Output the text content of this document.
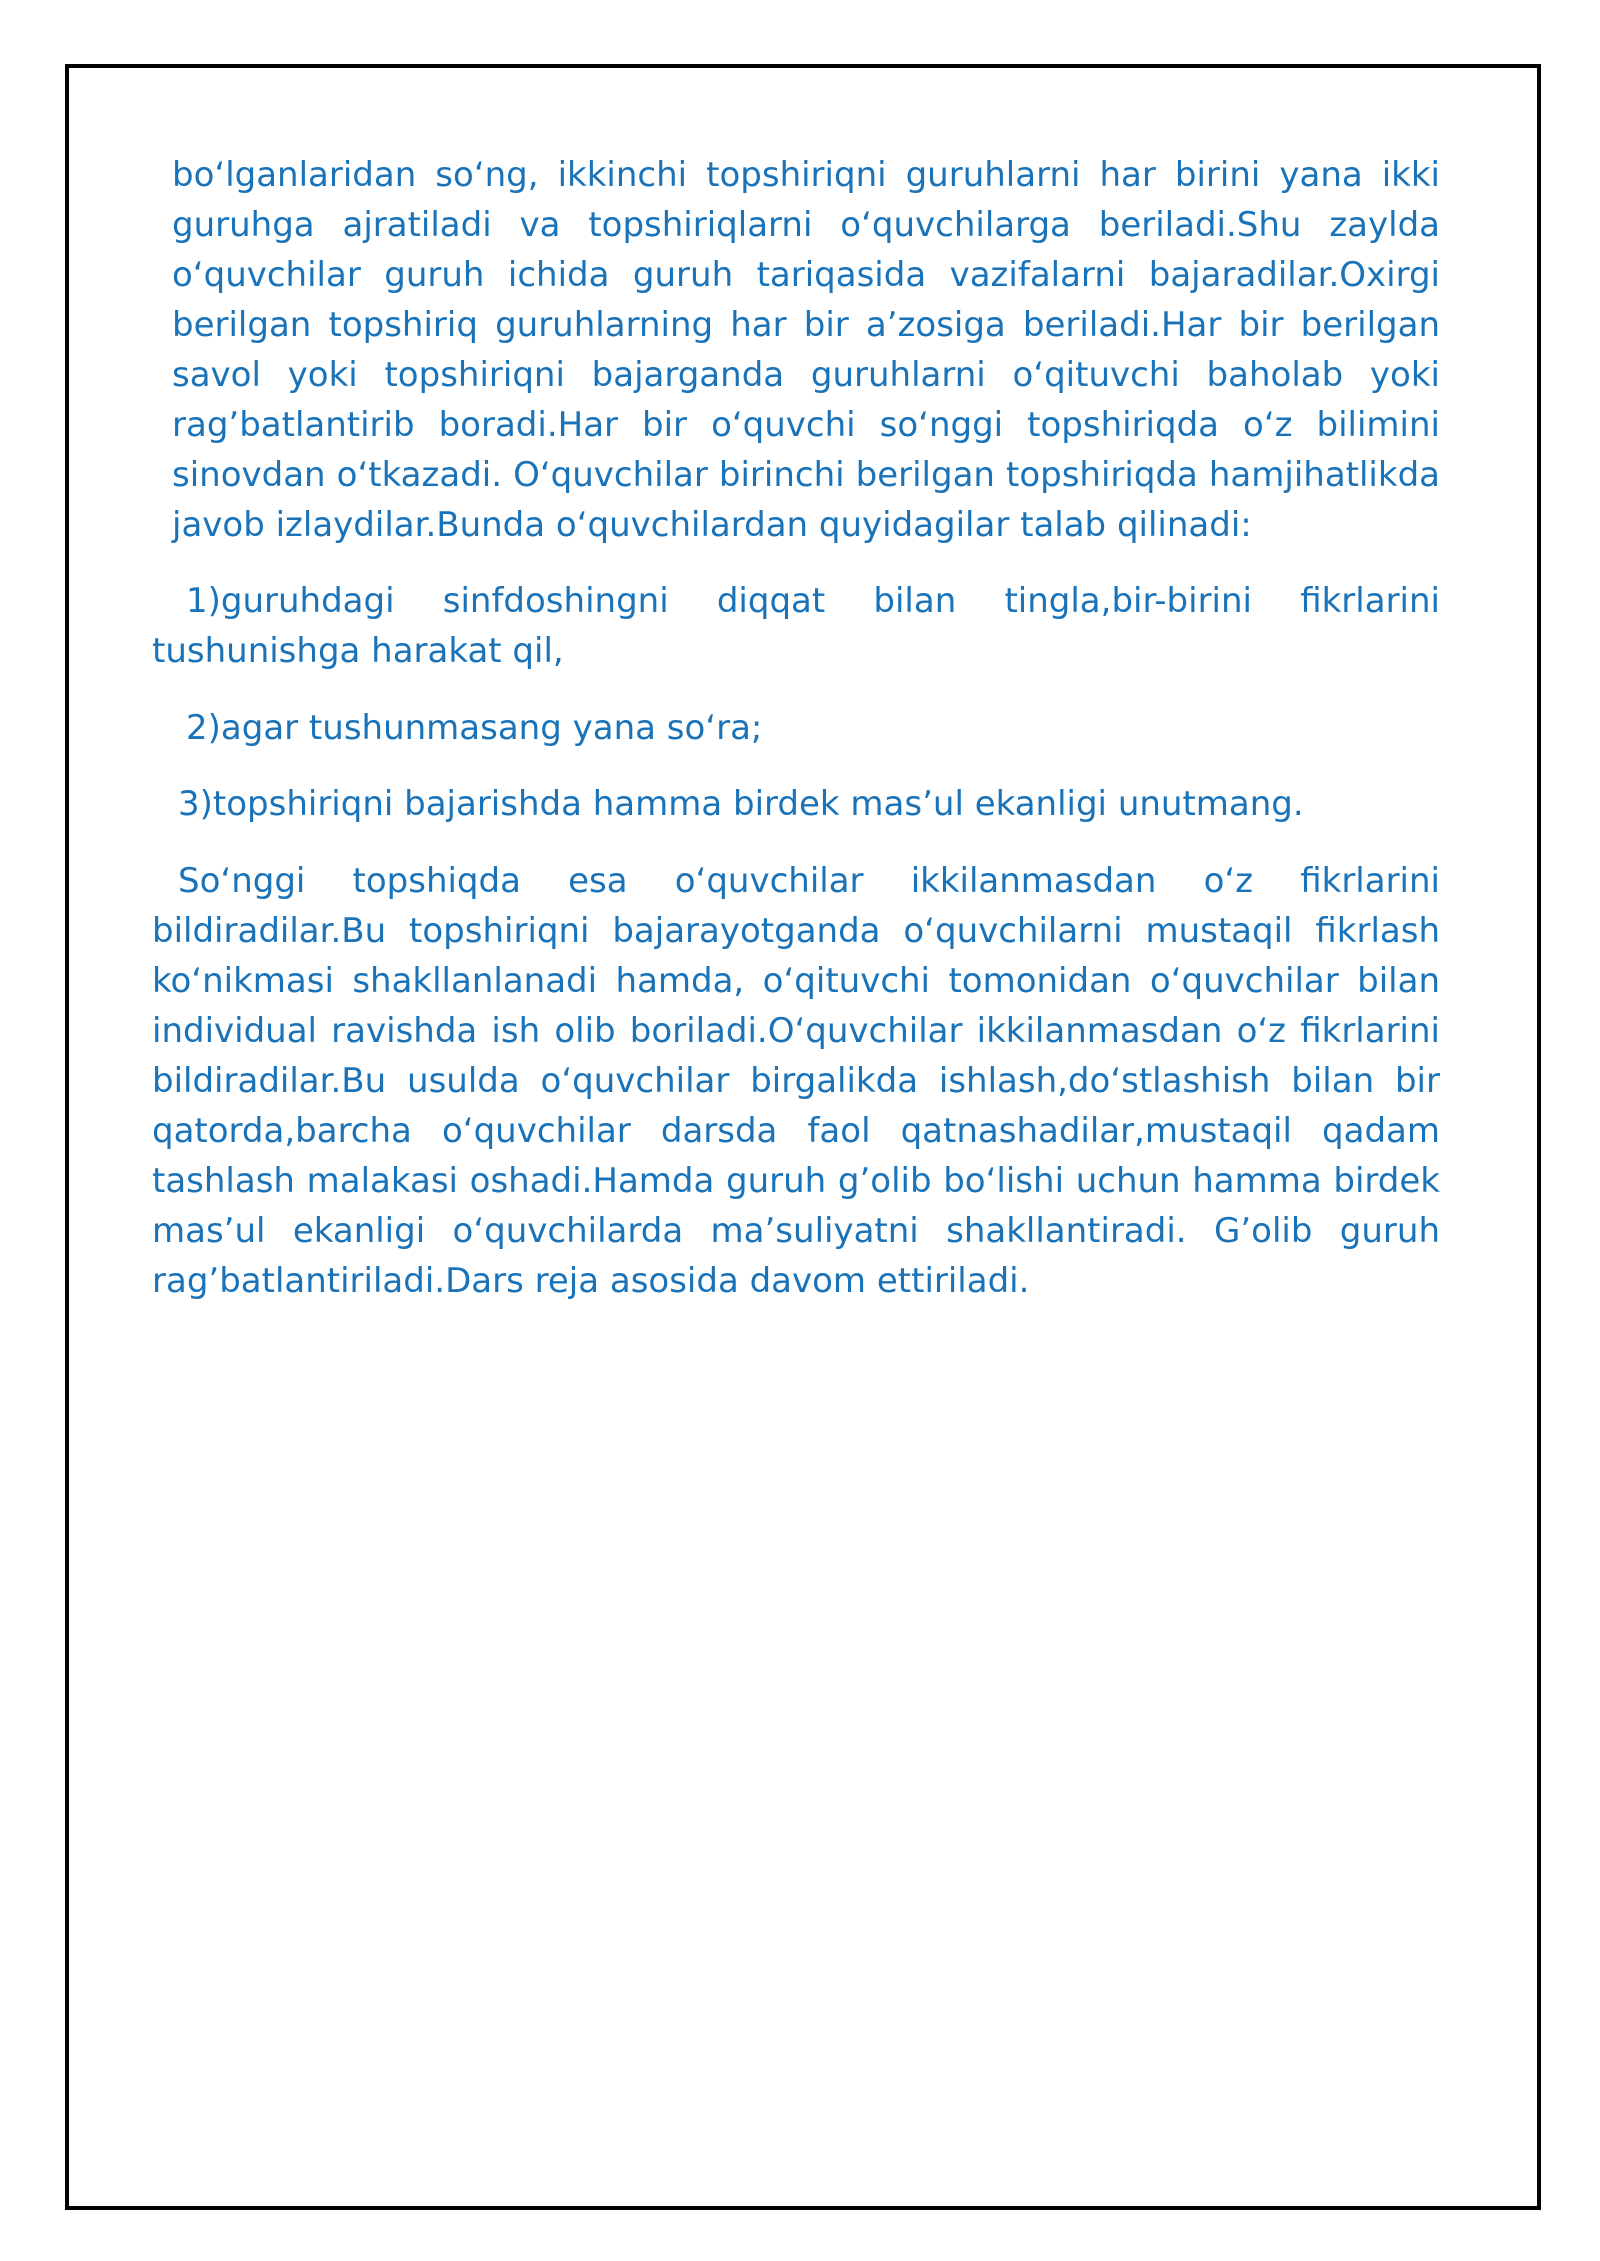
bo‘lganlaridan so‘ng, ikkinchi topshiriqni guruhlarni har birini yana ikki guruhga ajratiladi va topshiriqlarni o‘quvchilarga beriladi.Shu zaylda o‘quvchilar guruh ichida guruh tariqasida vazifalarni bajaradilar.Oxirgi berilgan topshiriq guruhlarning har bir a’zosiga beriladi.Har bir berilgan savol yoki topshiriqni bajarganda guruhlarni o‘qituvchi baholab yoki rag’batlantirib boradi.Har bir o‘quvchi so‘nggi topshiriqda o‘z bilimini sinovdan o‘tkazadi. O‘quvchilar birinchi berilgan topshiriqda hamjihatlikda javob izlaydilar.Bunda o‘quvchilardan quyidagilar talab qilinadi:

1)guruhdagi sinfdoshingni diqqat bilan tingla,bir-birini fikrlarini tushunishga harakat qil,

2)agar tushunmasang yana so‘ra;

3)topshiriqni bajarishda hamma birdek mas’ul ekanligi unutmang.

So‘nggi topshiqda esa o‘quvchilar ikkilanmasdan o‘z fikrlarini bildiradilar.Bu topshiriqni bajarayotganda o‘quvchilarni mustaqil fikrlash ko‘nikmasi shakllanlanadi hamda, o‘qituvchi tomonidan o‘quvchilar bilan individual ravishda ish olib boriladi.O‘quvchilar ikkilanmasdan o‘z fikrlarini bildiradilar.Bu usulda o‘quvchilar birgalikda ishlash,do‘stlashish bilan bir qatorda,barcha o‘quvchilar darsda faol qatnashadilar,mustaqil qadam tashlash malakasi oshadi.Hamda guruh g’olib bo‘lishi uchun hamma birdek mas’ul ekanligi o‘quvchilarda ma’suliyatni shakllantiradi. G’olib guruh rag’batlantiriladi.Dars reja asosida davom ettiriladi.
